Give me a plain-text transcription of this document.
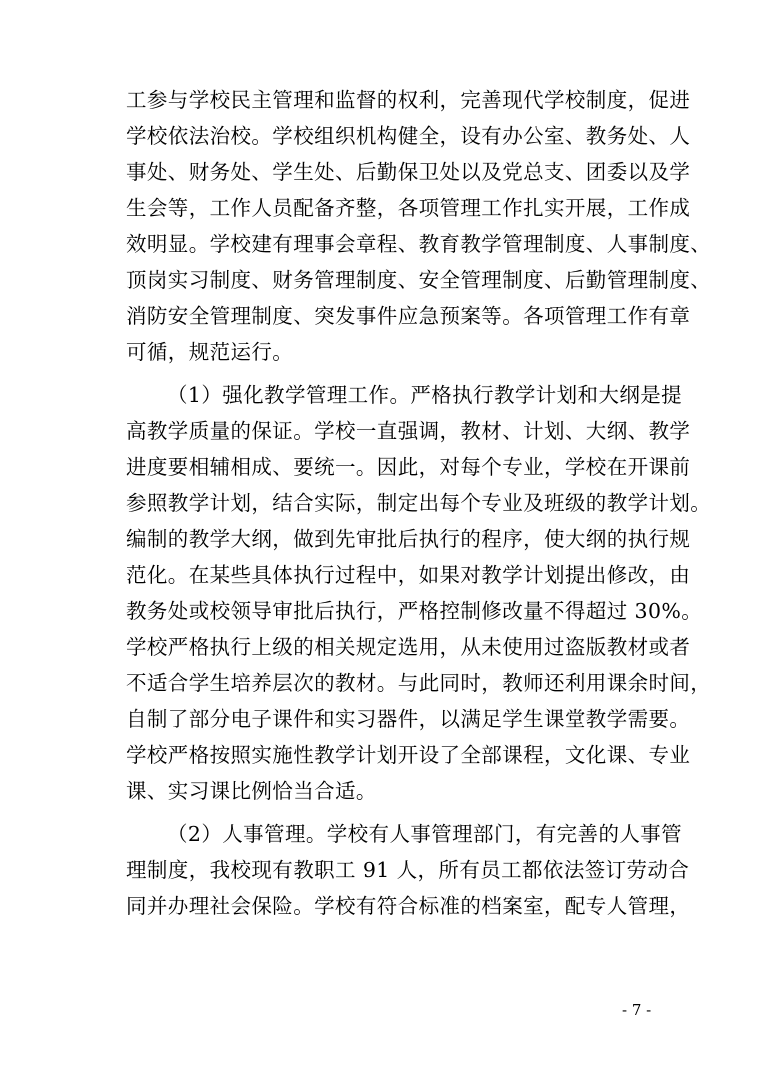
工参与学校民主管理和监督的权利，完善现代学校制度，促进
学校依法治校。学校组织机构健全，设有办公室、教务处、人
事处、财务处、学生处、后勤保卫处以及党总支、团委以及学
生会等，工作人员配备齐整，各项管理工作扎实开展，工作成
效明显。学校建有理事会章程、教育教学管理制度、人事制度、
顶岗实习制度、财务管理制度、安全管理制度、后勤管理制度、
消防安全管理制度、突发事件应急预案等。各项管理工作有章
可循，规范运行。
（1）强化教学管理工作。严格执行教学计划和大纲是提
高教学质量的保证。学校一直强调，教材、计划、大纲、教学
进度要相辅相成、要统一。因此，对每个专业，学校在开课前
参照教学计划，结合实际，制定出每个专业及班级的教学计划。
编制的教学大纲，做到先审批后执行的程序，使大纲的执行规
范化。在某些具体执行过程中，如果对教学计划提出修改，由
教务处或校领导审批后执行，严格控制修改量不得超过 30%。
学校严格执行上级的相关规定选用，从未使用过盗版教材或者
不适合学生培养层次的教材。与此同时，教师还利用课余时间，
自制了部分电子课件和实习器件，以满足学生课堂教学需要。
学校严格按照实施性教学计划开设了全部课程，文化课、专业
课、实习课比例恰当合适。
（2）人事管理。学校有人事管理部门，有完善的人事管
理制度，我校现有教职工 91 人，所有员工都依法签订劳动合
同并办理社会保险。学校有符合标准的档案室，配专人管理，
- 7 -
